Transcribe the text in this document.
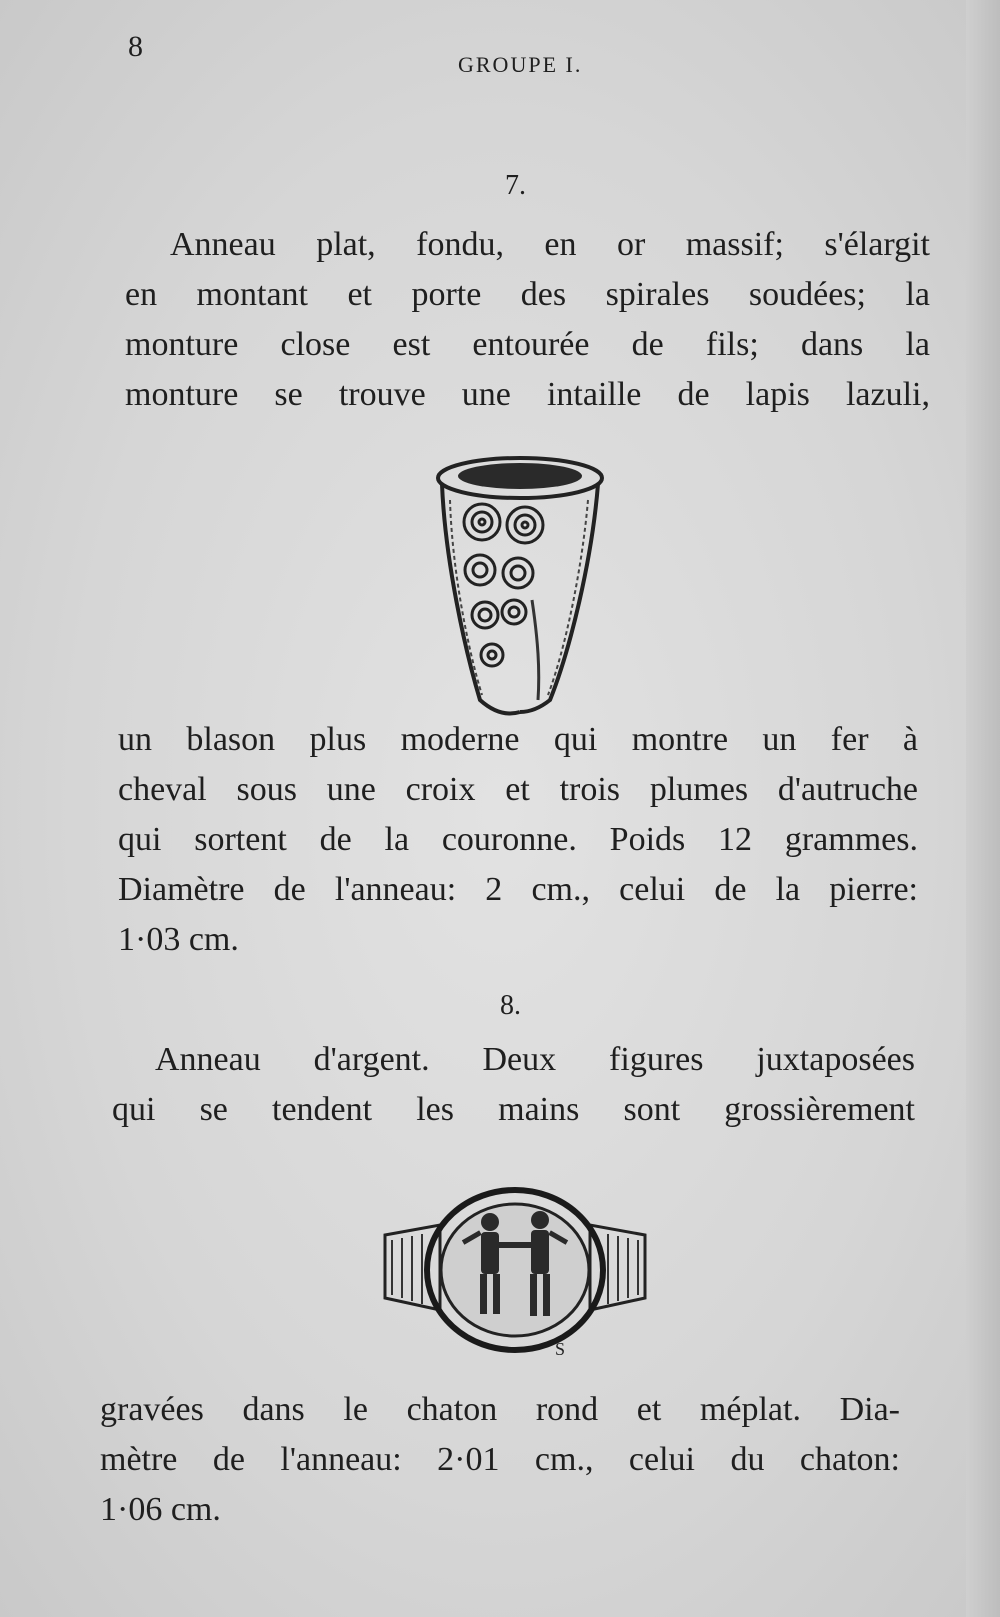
8
GROUPE I.
7.
Anneau plat, fondu, en or massif; s'élargit
en montant et porte des spirales soudées; la
monture close est entourée de fils; dans la
monture se trouve une intaille de lapis lazuli,
un blason plus moderne qui montre un fer à
cheval sous une croix et trois plumes d'autruche
qui sortent de la couronne. Poids 12 grammes.
Diamètre de l'anneau: 2 cm., celui de la pierre:
1·03 cm.
8.
Anneau d'argent. Deux figures juxtaposées
qui se tendent les mains sont grossièrement
S
gravées dans le chaton rond et méplat. Dia-
mètre de l'anneau: 2·01 cm., celui du chaton:
1·06 cm.
